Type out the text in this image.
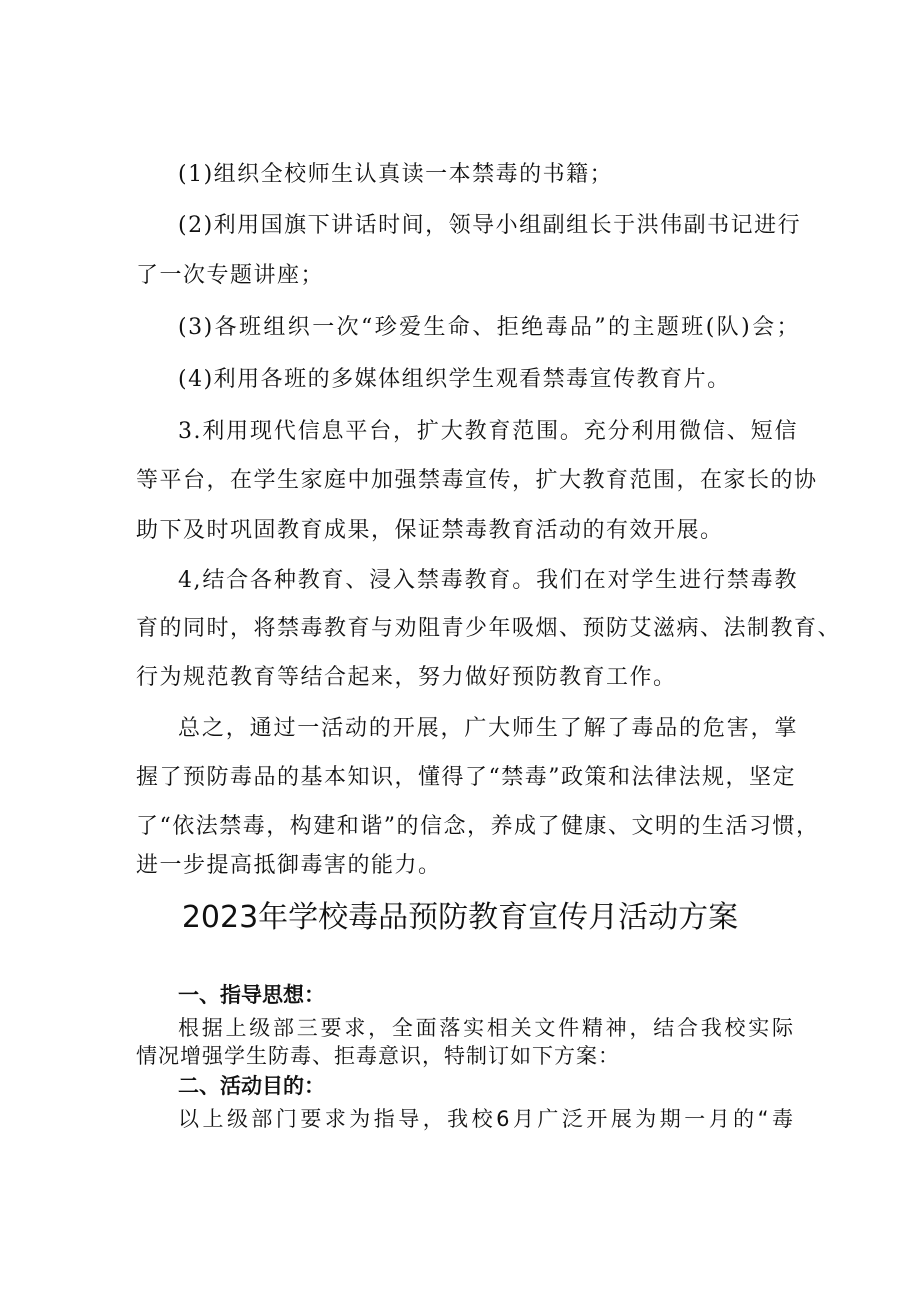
(1)组织全校师生认真读一本禁毒的书籍；
(2)利用国旗下讲话时间，领导小组副组长于洪伟副书记进行
了一次专题讲座；
(3)各班组织一次“珍爱生命、拒绝毒品”的主题班(队)会；
(4)利用各班的多媒体组织学生观看禁毒宣传教育片。
3.利用现代信息平台，扩大教育范围。充分利用微信、短信
等平台，在学生家庭中加强禁毒宣传，扩大教育范围，在家长的协
助下及时巩固教育成果，保证禁毒教育活动的有效开展。
4,结合各种教育、浸入禁毒教育。我们在对学生进行禁毒教
育的同时，将禁毒教育与劝阻青少年吸烟、预防艾滋病、法制教育、
行为规范教育等结合起来，努力做好预防教育工作。
总之，通过一活动的开展，广大师生了解了毒品的危害，掌
握了预防毒品的基本知识，懂得了“禁毒”政策和法律法规，坚定
了“依法禁毒，构建和谐”的信念，养成了健康、文明的生活习惯，
进一步提高抵御毒害的能力。
2023年学校毒品预防教育宣传月活动方案
一、指导思想：
根据上级部三要求，全面落实相关文件精神，结合我校实际
情况增强学生防毒、拒毒意识，特制订如下方案：
二、活动目的：
以上级部门要求为指导，我校6月广泛开展为期一月的“毒
